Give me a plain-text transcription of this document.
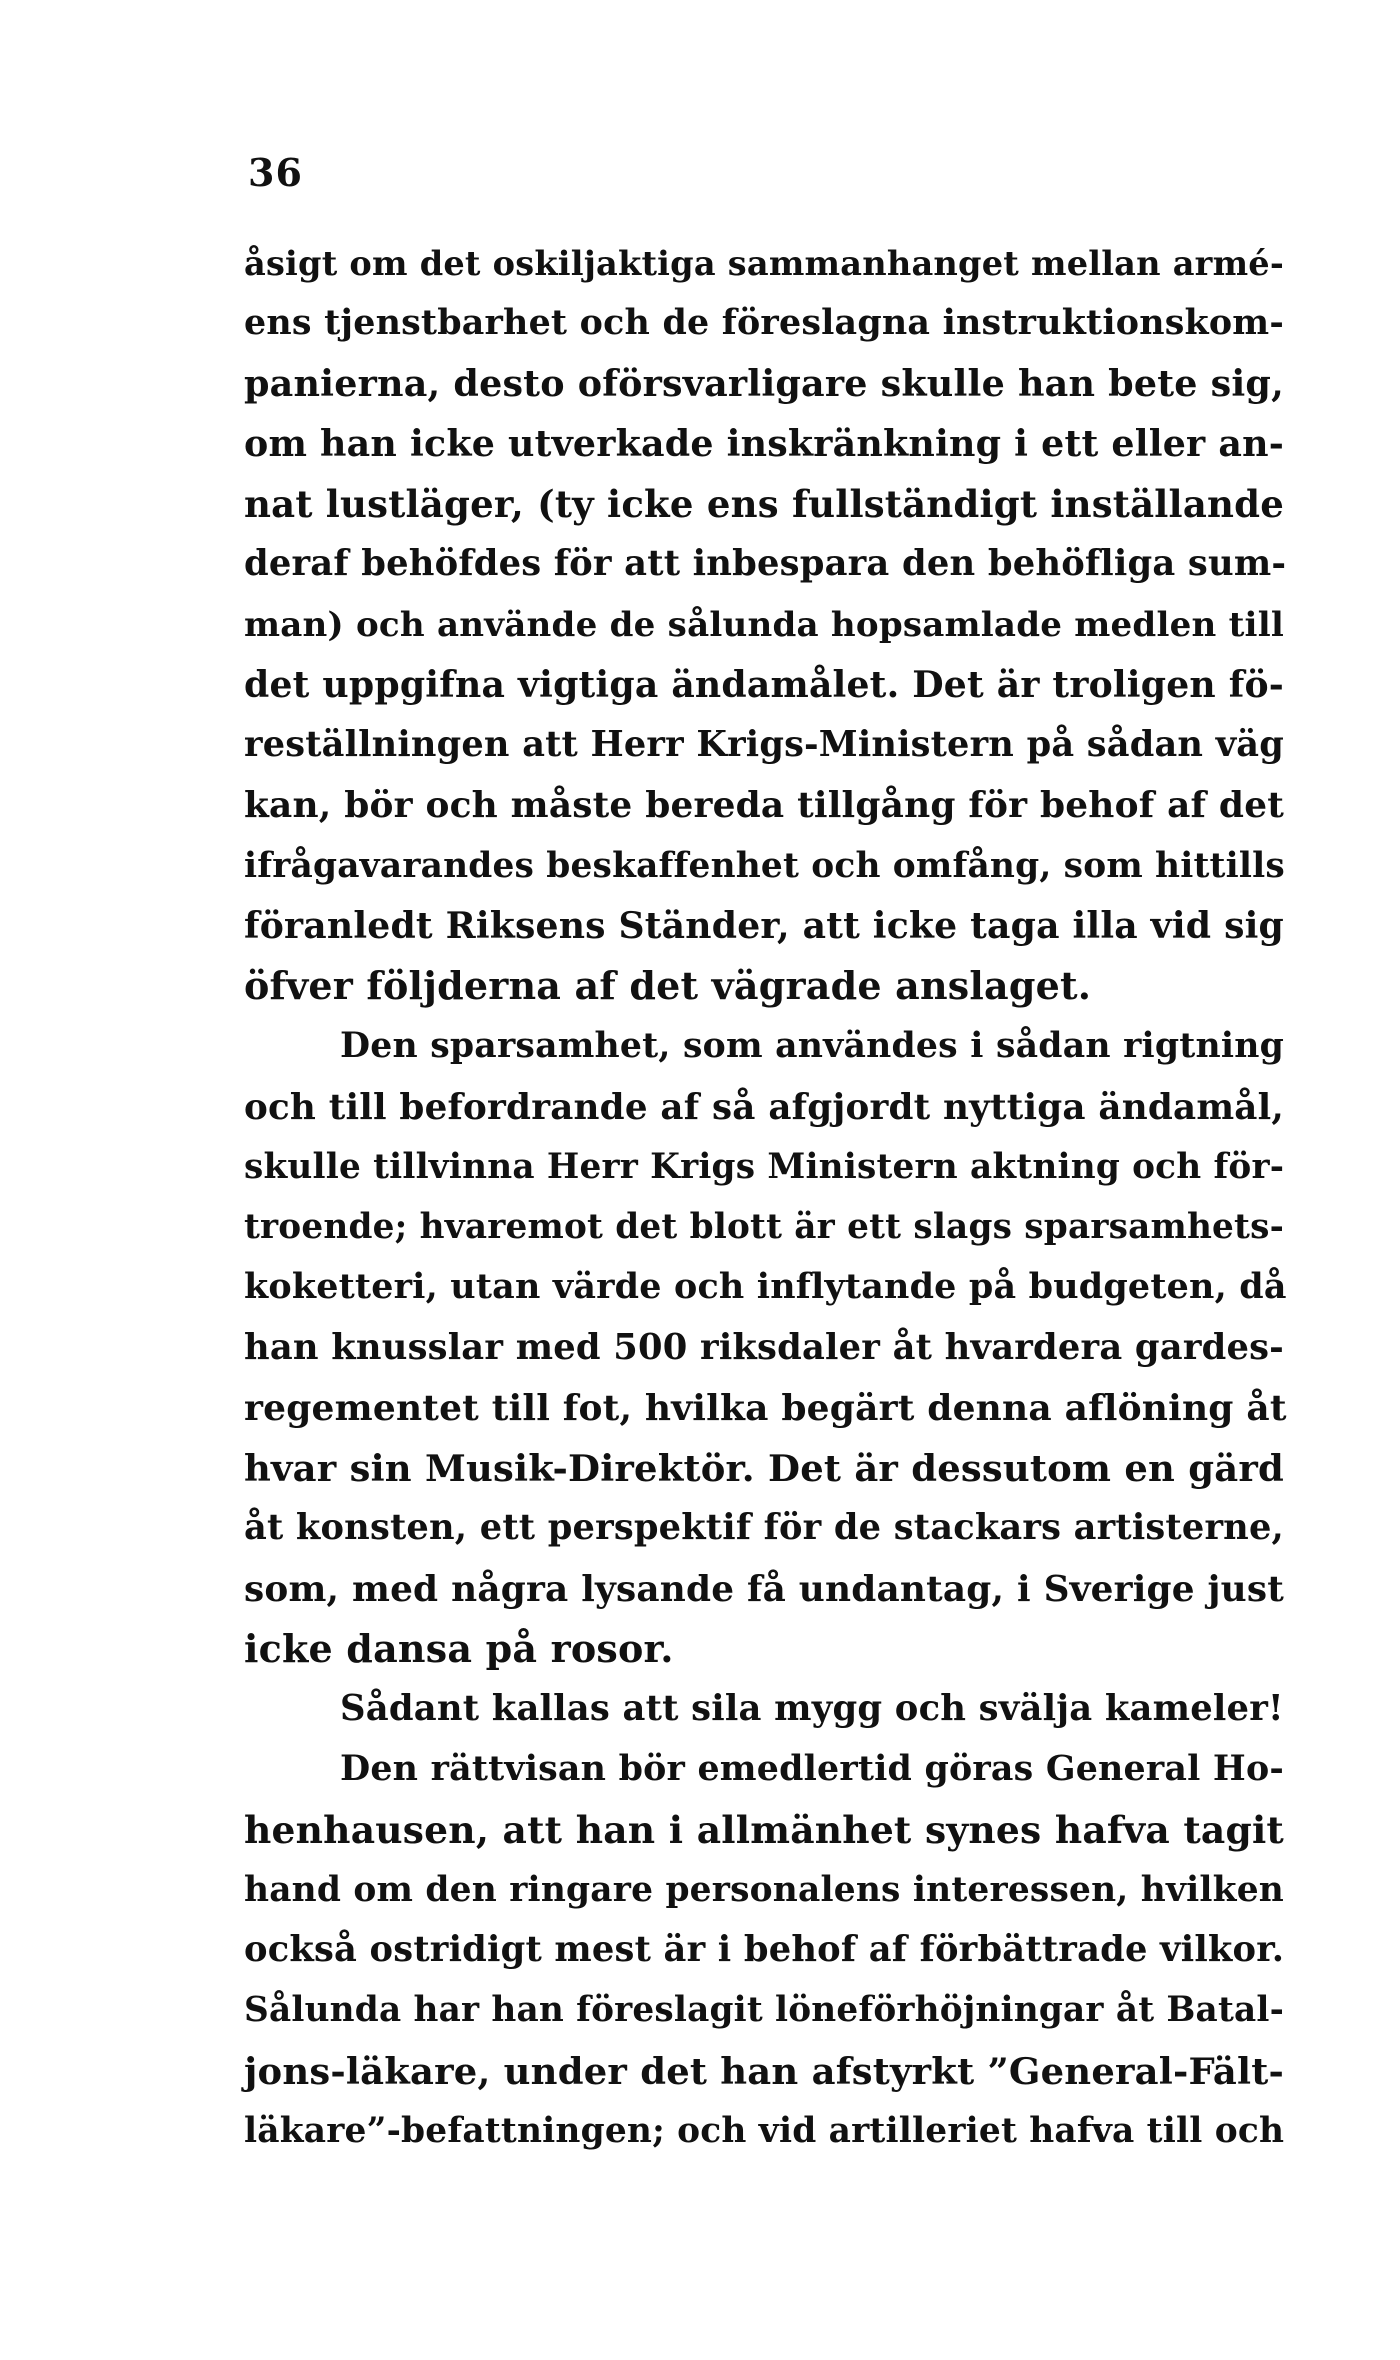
36
åsigt om det oskiljaktiga sammanhanget mellan armé-
ens tjenstbarhet och de föreslagna instruktionskom-
panierna, desto oförsvarligare skulle han bete sig,
om han icke utverkade inskränkning i ett eller an-
nat lustläger, (ty icke ens fullständigt inställande
deraf behöfdes för att inbespara den behöfliga sum-
man) och använde de sålunda hopsamlade medlen till
det uppgifna vigtiga ändamålet. Det är troligen fö-
reställningen att Herr Krigs-Ministern på sådan väg
kan, bör och måste bereda tillgång för behof af det
ifrågavarandes beskaffenhet och omfång, som hittills
föranledt Riksens Ständer, att icke taga illa vid sig
öfver följderna af det vägrade anslaget.
Den sparsamhet, som användes i sådan rigtning
och till befordrande af så afgjordt nyttiga ändamål,
skulle tillvinna Herr Krigs Ministern aktning och för-
troende; hvaremot det blott är ett slags sparsamhets-
koketteri, utan värde och inflytande på budgeten, då
han knusslar med 500 riksdaler åt hvardera gardes-
regementet till fot, hvilka begärt denna aflöning åt
hvar sin Musik-Direktör. Det är dessutom en gärd
åt konsten, ett perspektif för de stackars artisterne,
som, med några lysande få undantag, i Sverige just
icke dansa på rosor.
Sådant kallas att sila mygg och svälja kameler!
Den rättvisan bör emedlertid göras General Ho-
henhausen, att han i allmänhet synes hafva tagit
hand om den ringare personalens interessen, hvilken
också ostridigt mest är i behof af förbättrade vilkor.
Sålunda har han föreslagit löneförhöjningar åt Batal-
jons-läkare, under det han afstyrkt ”General-Fält-
läkare”-befattningen; och vid artilleriet hafva till och
